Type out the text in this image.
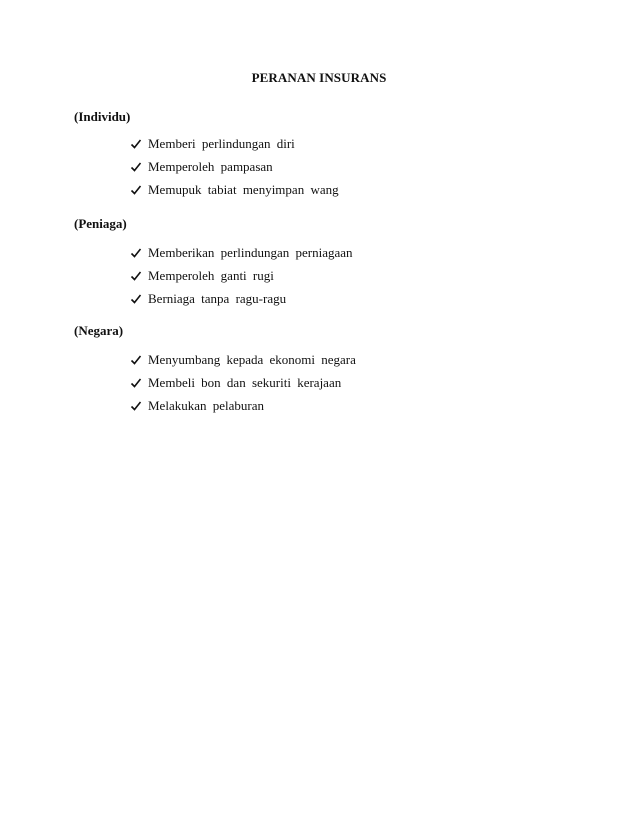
PERANAN INSURANS
(Individu)
Memberi perlindungan diri
Memperoleh pampasan
Memupuk tabiat menyimpan wang
(Peniaga)
Memberikan perlindungan perniagaan
Memperoleh ganti rugi
Berniaga tanpa ragu-ragu
(Negara)
Menyumbang kepada ekonomi negara
Membeli bon dan sekuriti kerajaan
Melakukan pelaburan
